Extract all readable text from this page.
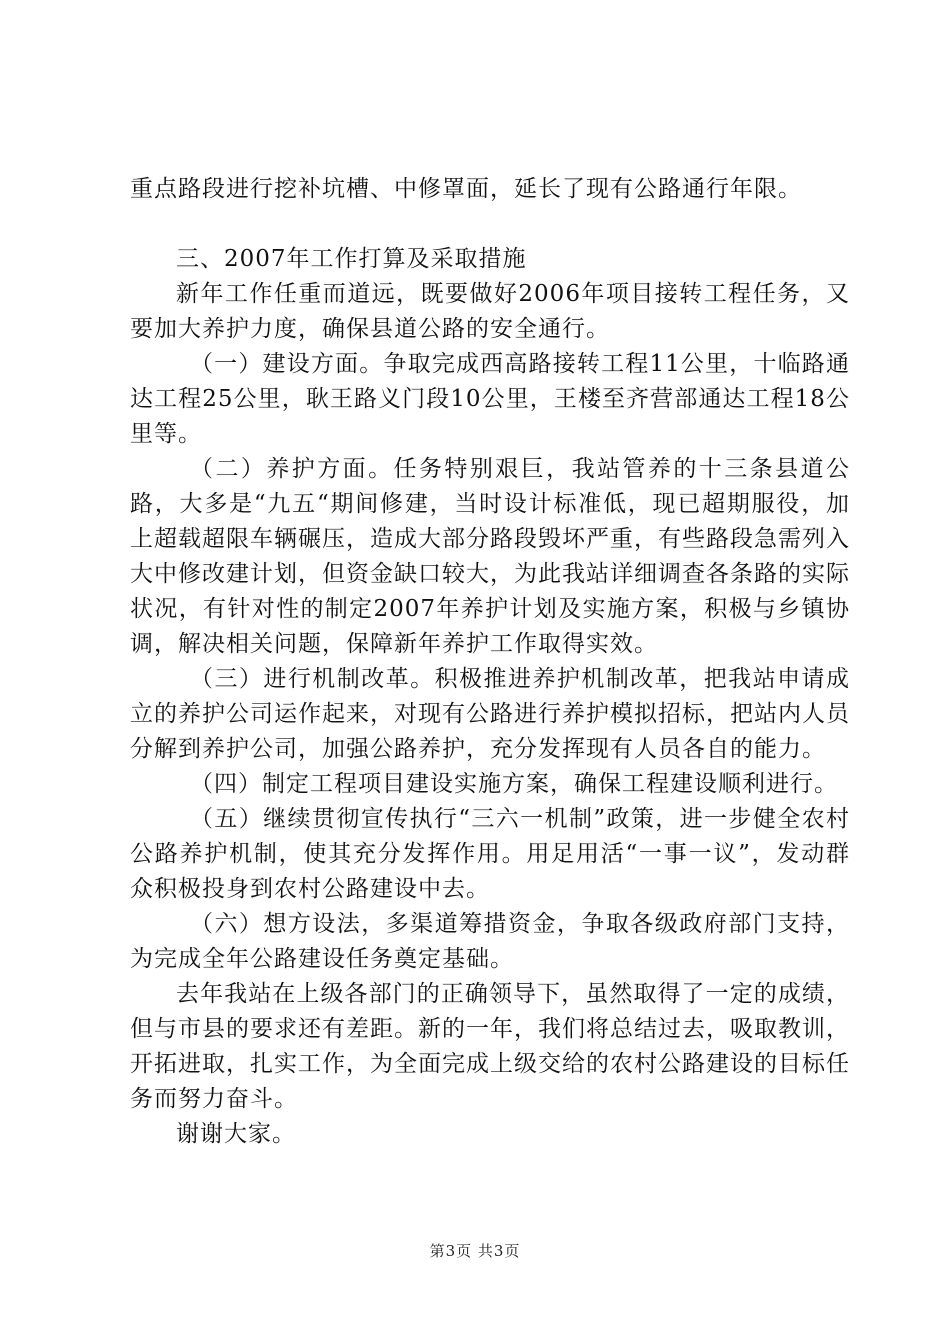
重点路段进行挖补坑槽、中修罩面，延长了现有公路通行年限。

三、2007年工作打算及采取措施

新年工作任重而道远，既要做好2006年项目接转工程任务，又要加大养护力度，确保县道公路的安全通行。

（一）建设方面。争取完成西高路接转工程11公里，十临路通达工程25公里，耿王路义门段10公里，王楼至齐营部通达工程18公里等。

（二）养护方面。任务特别艰巨，我站管养的十三条县道公路，大多是“九五“期间修建，当时设计标准低，现已超期服役，加上超载超限车辆碾压，造成大部分路段毁坏严重，有些路段急需列入大中修改建计划，但资金缺口较大，为此我站详细调查各条路的实际状况，有针对性的制定2007年养护计划及实施方案，积极与乡镇协调，解决相关问题，保障新年养护工作取得实效。

（三）进行机制改革。积极推进养护机制改革，把我站申请成立的养护公司运作起来，对现有公路进行养护模拟招标，把站内人员分解到养护公司，加强公路养护，充分发挥现有人员各自的能力。

（四）制定工程项目建设实施方案，确保工程建设顺利进行。

（五）继续贯彻宣传执行“三六一机制”政策，进一步健全农村公路养护机制，使其充分发挥作用。用足用活“一事一议”，发动群众积极投身到农村公路建设中去。

（六）想方设法，多渠道筹措资金，争取各级政府部门支持，为完成全年公路建设任务奠定基础。

去年我站在上级各部门的正确领导下，虽然取得了一定的成绩，但与市县的要求还有差距。新的一年，我们将总结过去，吸取教训，开拓进取，扎实工作，为全面完成上级交给的农村公路建设的目标任务而努力奋斗。

谢谢大家。

第3页 共3页
